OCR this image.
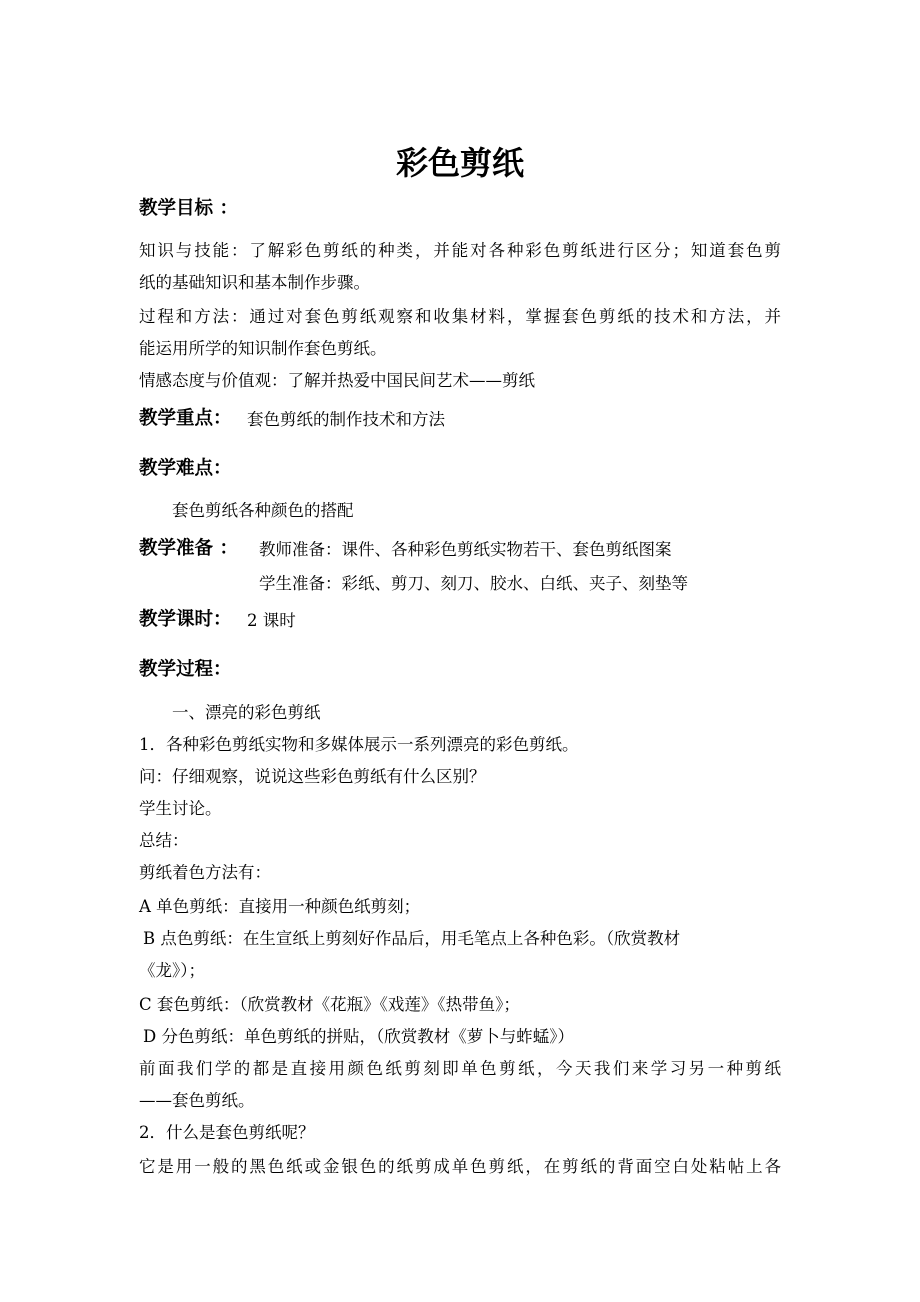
彩色剪纸
教学目标 ：
知识与技能：了解彩色剪纸的种类，并能对各种彩色剪纸进行区分；知道套色剪
纸的基础知识和基本制作步骤。
过程和方法：通过对套色剪纸观察和收集材料，掌握套色剪纸的技术和方法，并
能运用所学的知识制作套色剪纸。
情感态度与价值观：了解并热爱中国民间艺术——剪纸
教学重点： 套色剪纸的制作技术和方法
教学难点：
套色剪纸各种颜色的搭配
教学准备 ： 教师准备：课件、各种彩色剪纸实物若干、套色剪纸图案
学生准备：彩纸、剪刀、刻刀、胶水、白纸、夹子、刻垫等
教学课时： 2 课时
教学过程：
一、漂亮的彩色剪纸
1．各种彩色剪纸实物和多媒体展示一系列漂亮的彩色剪纸。
问：仔细观察，说说这些彩色剪纸有什么区别？
学生讨论。
总结：
剪纸着色方法有：
A 单色剪纸：直接用一种颜色纸剪刻；
B 点色剪纸：在生宣纸上剪刻好作品后，用毛笔点上各种色彩。（欣赏教材
《龙》）；
C 套色剪纸：（欣赏教材《花瓶》《戏莲》《热带鱼》；
D 分色剪纸：单色剪纸的拼贴，（欣赏教材《萝卜与蚱蜢》）
前面我们学的都是直接用颜色纸剪刻即单色剪纸，今天我们来学习另一种剪纸
——套色剪纸。
2．什么是套色剪纸呢？
它是用一般的黑色纸或金银色的纸剪成单色剪纸，在剪纸的背面空白处粘帖上各
